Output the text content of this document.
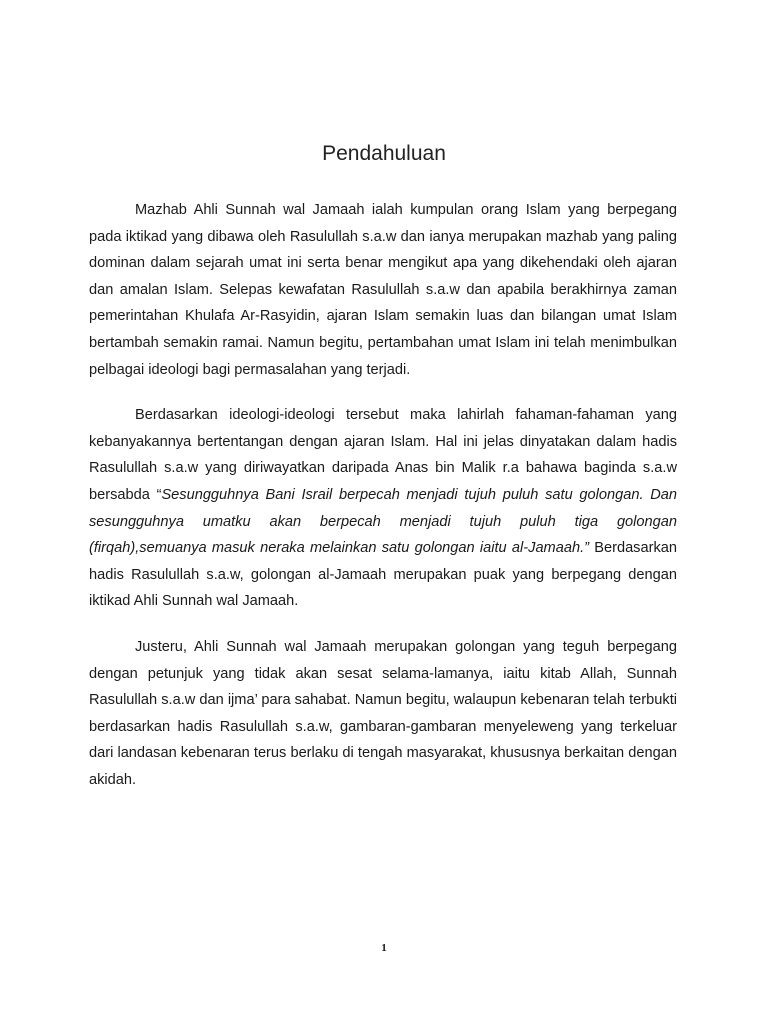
Pendahuluan

Mazhab Ahli Sunnah wal Jamaah ialah kumpulan orang Islam yang berpegang pada iktikad yang dibawa oleh Rasulullah s.a.w dan ianya merupakan mazhab yang paling dominan dalam sejarah umat ini serta benar mengikut apa yang dikehendaki oleh ajaran dan amalan Islam. Selepas kewafatan Rasulullah s.a.w dan apabila berakhirnya zaman pemerintahan Khulafa Ar-Rasyidin, ajaran Islam semakin luas dan bilangan umat Islam bertambah semakin ramai. Namun begitu, pertambahan umat Islam ini telah menimbulkan pelbagai ideologi bagi permasalahan yang terjadi.

Berdasarkan ideologi-ideologi tersebut maka lahirlah fahaman-fahaman yang kebanyakannya bertentangan dengan ajaran Islam. Hal ini jelas dinyatakan dalam hadis Rasulullah s.a.w yang diriwayatkan daripada Anas bin Malik r.a bahawa baginda s.a.w bersabda “Sesungguhnya Bani Israil berpecah menjadi tujuh puluh satu golongan. Dan sesungguhnya umatku akan berpecah menjadi tujuh puluh tiga golongan (firqah),semuanya masuk neraka melainkan satu golongan iaitu al-Jamaah.” Berdasarkan hadis Rasulullah s.a.w, golongan al-Jamaah merupakan puak yang berpegang dengan iktikad Ahli Sunnah wal Jamaah.

Justeru, Ahli Sunnah wal Jamaah merupakan golongan yang teguh berpegang dengan petunjuk yang tidak akan sesat selama-lamanya, iaitu kitab Allah, Sunnah Rasulullah s.a.w dan ijma’ para sahabat. Namun begitu, walaupun kebenaran telah terbukti berdasarkan hadis Rasulullah s.a.w, gambaran-gambaran menyeleweng yang terkeluar dari landasan kebenaran terus berlaku di tengah masyarakat, khususnya berkaitan dengan akidah.

1
